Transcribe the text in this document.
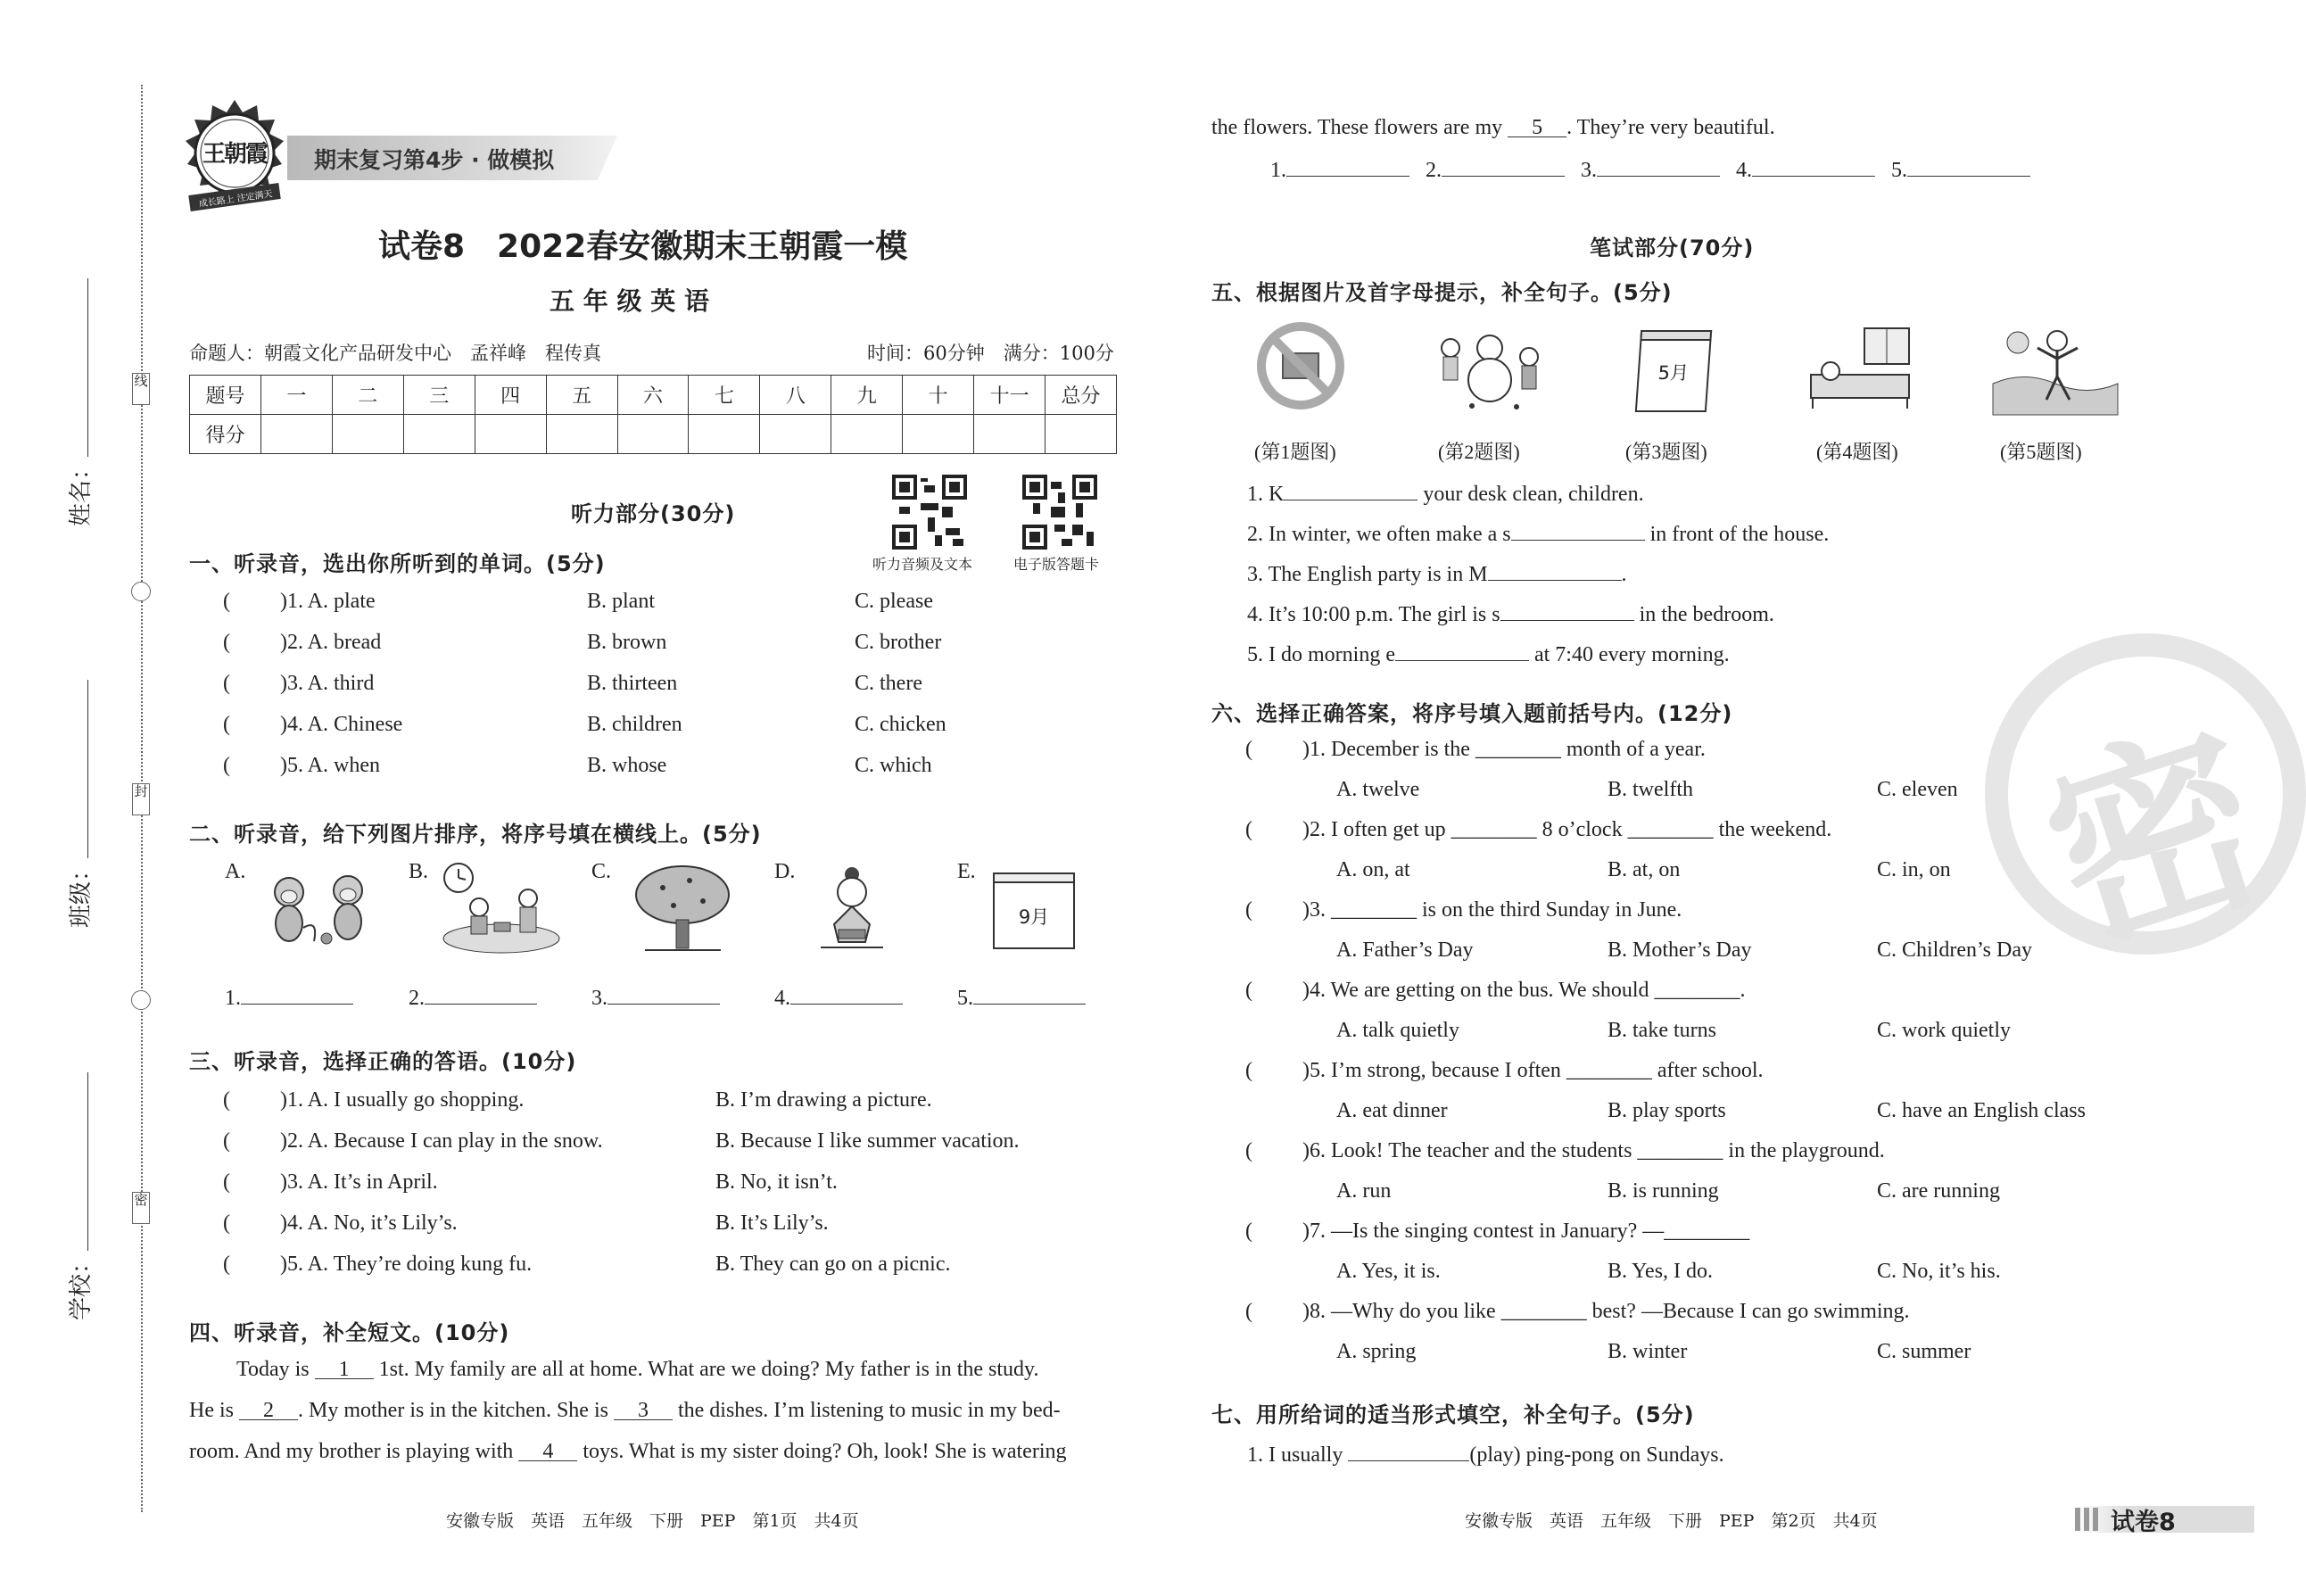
线
封
密
姓名：
班级：
学校：
王朝霞
成长路上 注定满天
期末复习第4步 · 做模拟
试卷8　2022春安徽期末王朝霞一模
五 年 级 英 语
命题人：朝霞文化产品研发中心　孟祥峰　程传真	时间：60分钟　满分：100分
题号	一	二	三	四	五	六	七	八	九	十	十一	总分
得分												
听力部分(30分)
听力音频及文本	电子版答题卡
一、听录音，选出你所听到的单词。(5分)
( )1. A. plate	B. plant	C. please
( )2. A. bread	B. brown	C. brother
( )3. A. third	B. thirteen	C. there
( )4. A. Chinese	B. children	C. chicken
( )5. A. when	B. whose	C. which
二、听录音，给下列图片排序，将序号填在横线上。(5分)
A.	B.	C.	D.	E.
9月
1.	2.	3.	4.	5.
三、听录音，选择正确的答语。(10分)
( )1. A. I usually go shopping.	B. I’m drawing a picture.
( )2. A. Because I can play in the snow.	B. Because I like summer vacation.
( )3. A. It’s in April.	B. No, it isn’t.
( )4. A. No, it’s Lily’s.	B. It’s Lily’s.
( )5. A. They’re doing kung fu.	B. They can go on a picnic.
四、听录音，补全短文。(10分)
Today is 1 1st. My family are all at home. What are we doing? My father is in the study.
He is 2 . My mother is in the kitchen. She is 3 the dishes. I’m listening to music in my bed-
room. And my brother is playing with 4 toys. What is my sister doing? Oh, look! She is watering
安徽专版　英语　五年级　下册　PEP　第1页　共4页
the flowers. These flowers are my 5 . They’re very beautiful.
1.	2.	3.	4.	5.
密
笔试部分(70分)
五、根据图片及首字母提示，补全句子。(5分)
5月
(第1题图)	(第2题图)	(第3题图)	(第4题图)	(第5题图)
1. K	your desk clean, children.
2. In winter, we often make a s	in front of the house.
3. The English party is in M	.
4. It’s 10:00 p.m. The girl is s	in the bedroom.
5. I do morning e	at 7:40 every morning.
六、选择正确答案，将序号填入题前括号内。(12分)
( )1. December is the ________ month of a year.
A. twelve	B. twelfth	C. eleven
( )2. I often get up ________ 8 o’clock ________ the weekend.
A. on, at	B. at, on	C. in, on
( )3. ________ is on the third Sunday in June.
A. Father’s Day	B. Mother’s Day	C. Children’s Day
( )4. We are getting on the bus. We should ________.
A. talk quietly	B. take turns	C. work quietly
( )5. I’m strong, because I often ________ after school.
A. eat dinner	B. play sports	C. have an English class
( )6. Look! The teacher and the students ________ in the playground.
A. run	B. is running	C. are running
( )7. —Is the singing contest in January? —________
A. Yes, it is.	B. Yes, I do.	C. No, it’s his.
( )8. —Why do you like ________ best? —Because I can go swimming.
A. spring	B. winter	C. summer
七、用所给词的适当形式填空，补全句子。(5分)
1. I usually	(play) ping-pong on Sundays.
安徽专版　英语　五年级　下册　PEP　第2页　共4页	试卷8
